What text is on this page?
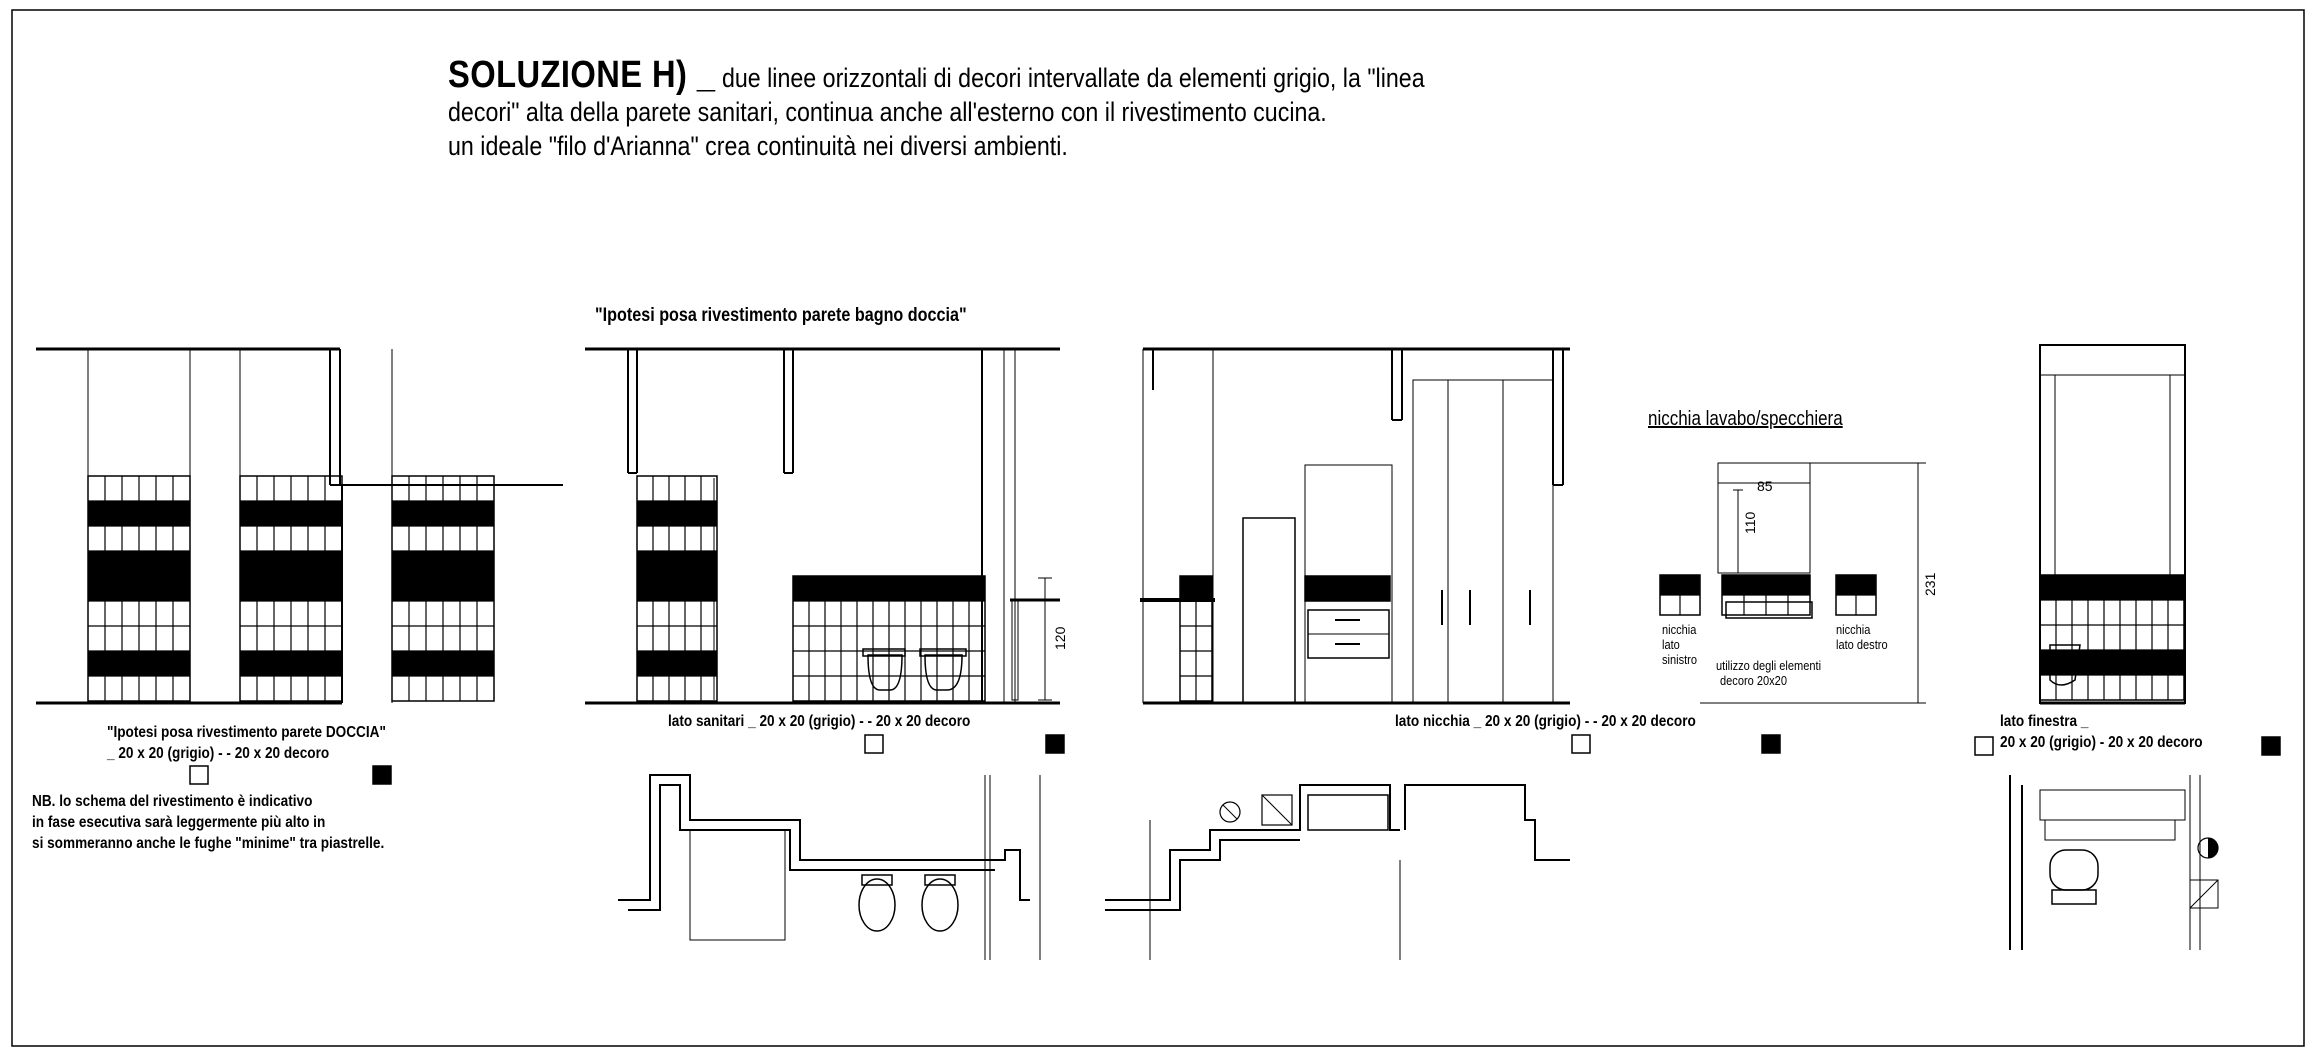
SOLUZIONE H) _ due linee orizzontali di decori intervallate da elementi grigio, la "linea
decori" alta della parete sanitari, continua anche all'esterno con il rivestimento cucina.
un ideale "filo d'Arianna" crea continuità nei diversi ambienti.
"Ipotesi posa rivestimento parete bagno doccia"
"Ipotesi posa rivestimento parete DOCCIA"
_ 20 x 20 (grigio) - - 20 x 20 decoro
NB. lo schema del rivestimento è indicativo
in fase esecutiva sarà leggermente più alto in
si sommeranno anche le fughe "minime" tra piastrelle.
lato sanitari _ 20 x 20 (grigio) - - 20 x 20 decoro
120
140
lato nicchia _ 20 x 20 (grigio) - - 20 x 20 decoro
nicchia lavabo/specchiera
85
110
231
nicchia
lato
sinistro
nicchia
lato destro
utilizzo degli elementi
decoro 20x20
lato finestra _
20 x 20 (grigio) - 20 x 20 decoro
